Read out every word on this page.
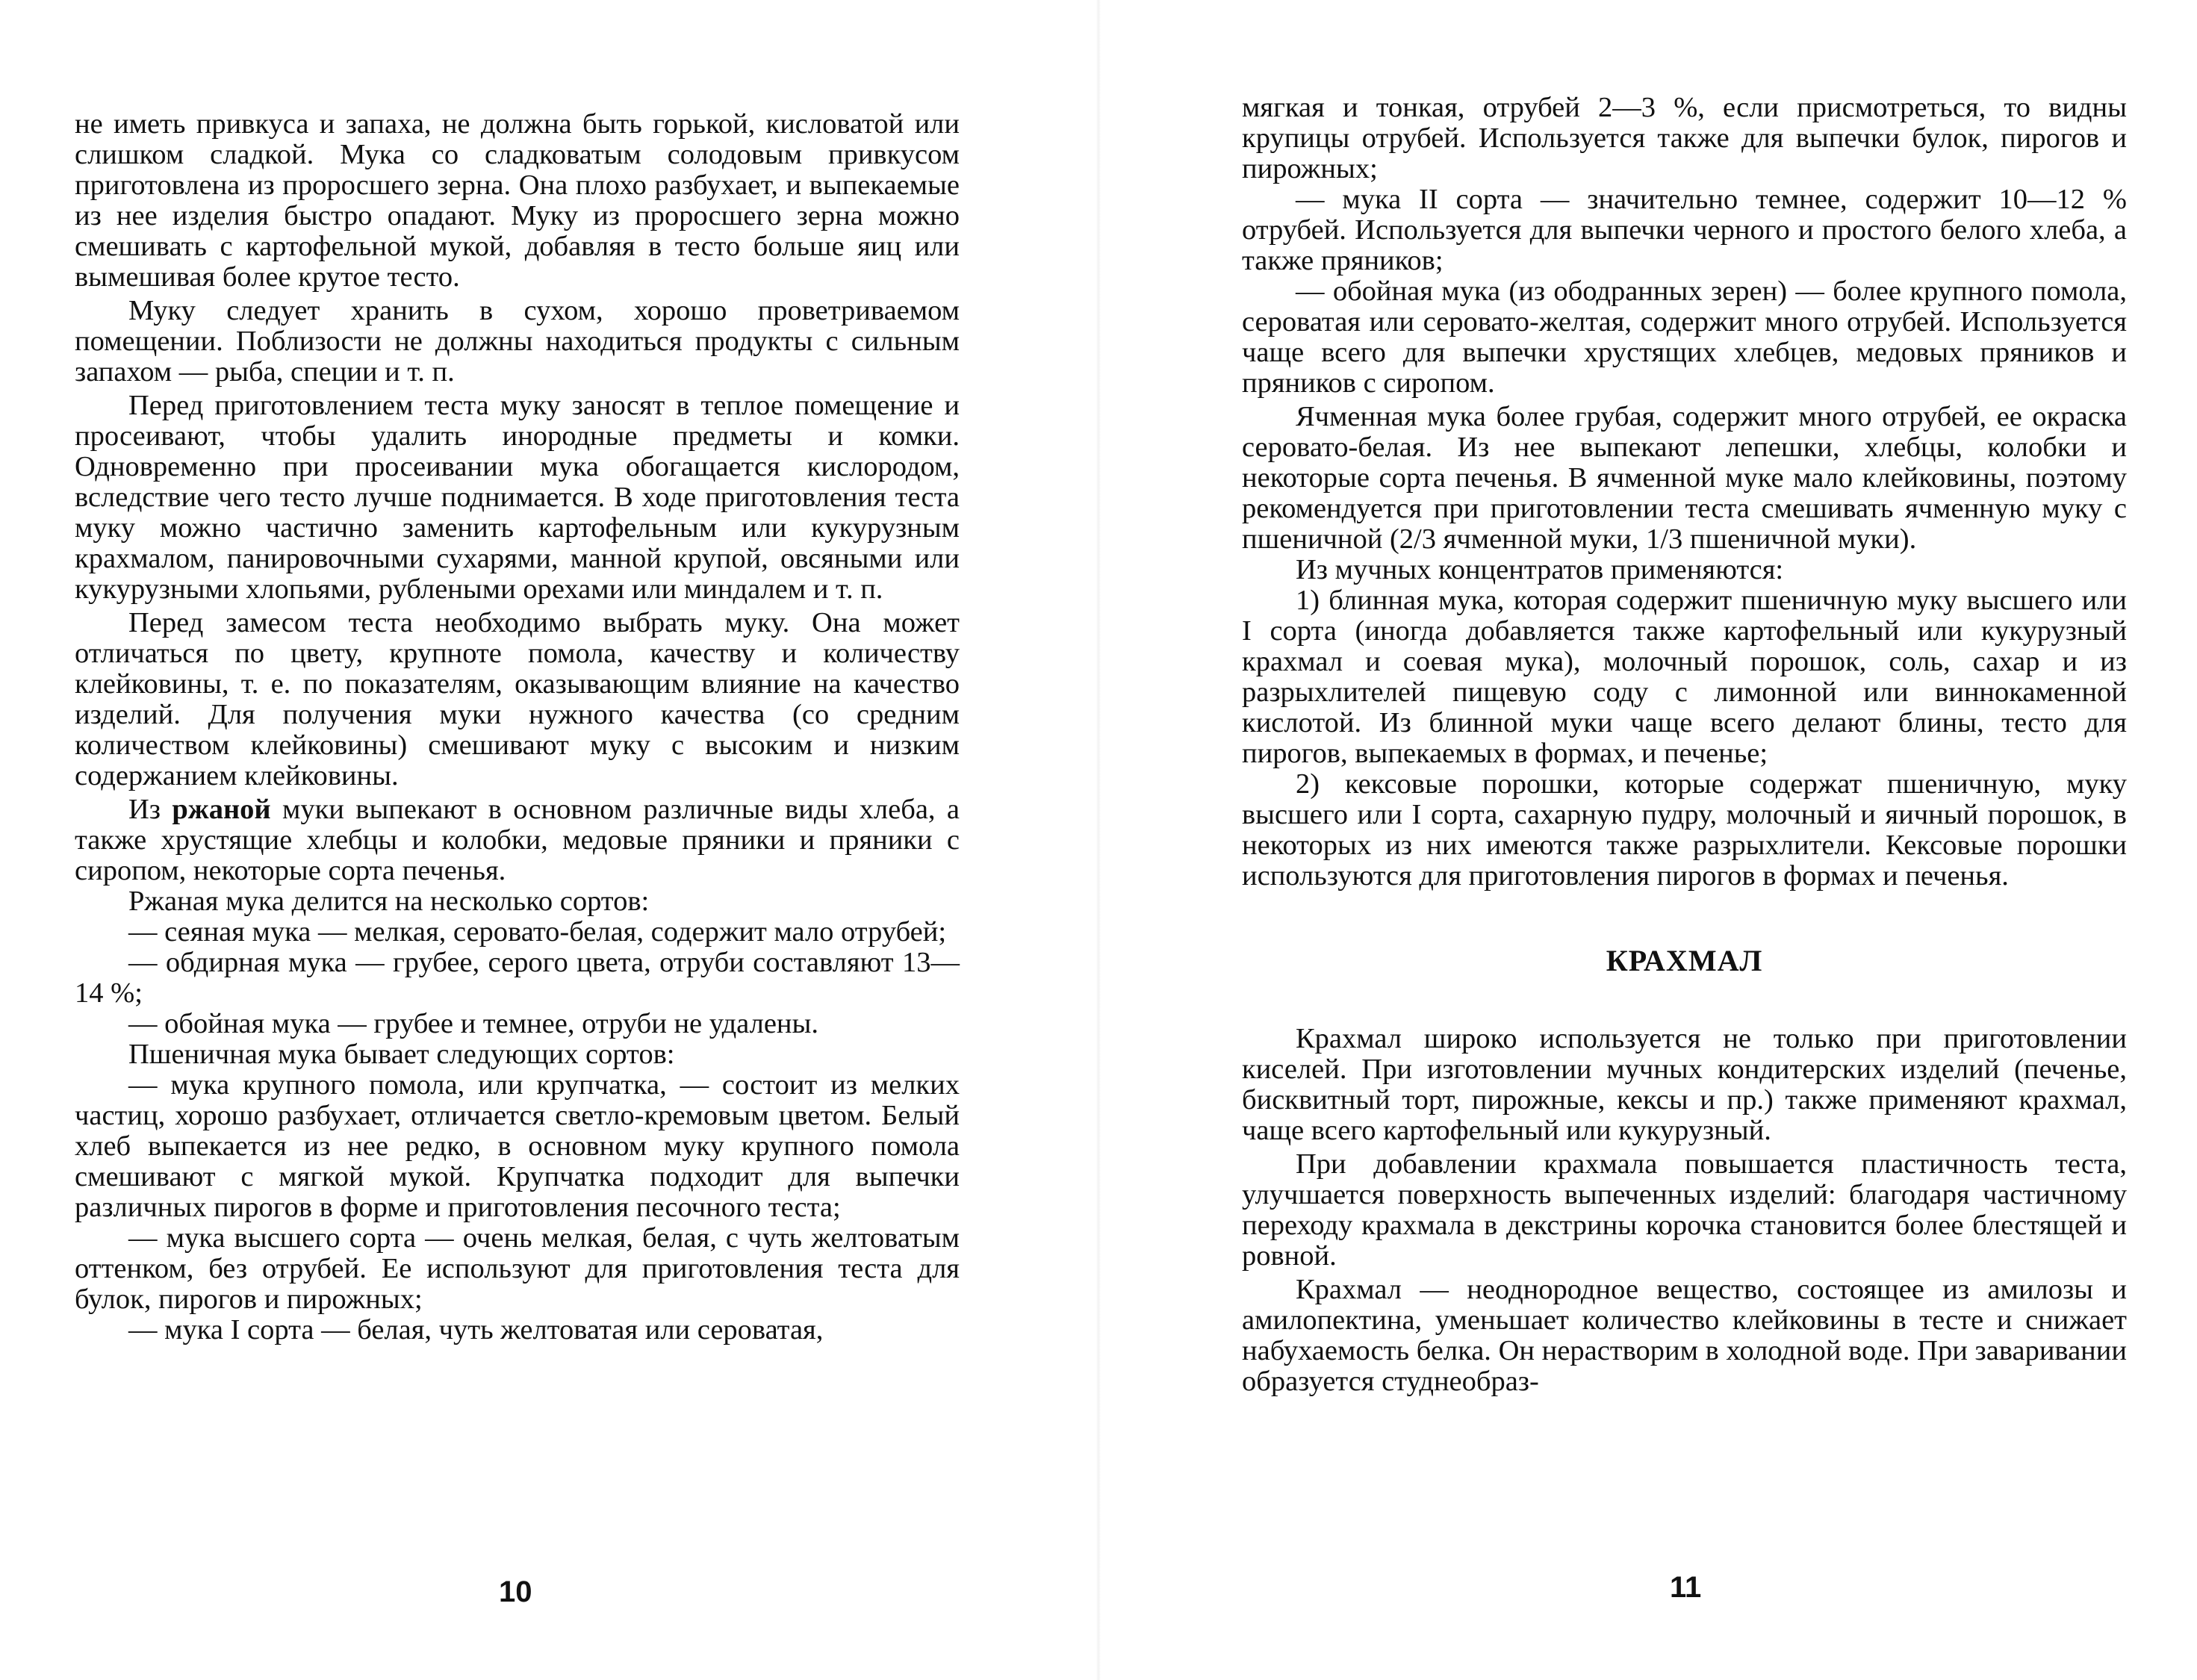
не иметь привкуса и запаха, не должна быть горькой, кисловатой или слишком сладкой. Мука со сладковатым солодовым привкусом приготовлена из проросшего зерна. Она плохо разбухает, и выпекаемые из нее изделия быстро опадают. Муку из проросшего зерна можно смешивать с картофельной мукой, добавляя в тесто больше яиц или вымешивая более крутое тесто.

Муку следует хранить в сухом, хорошо проветриваемом помещении. Поблизости не должны находиться продукты с сильным запахом — рыба, специи и т. п.

Перед приготовлением теста муку заносят в теплое помещение и просеивают, чтобы удалить инородные предметы и комки. Одновременно при просеивании мука обогащается кислородом, вследствие чего тесто лучше поднимается. В ходе приготовления теста муку можно частично заменить картофельным или кукурузным крахмалом, панировочными сухарями, манной крупой, овсяными или кукурузными хлопьями, рублеными орехами или миндалем и т. п.

Перед замесом теста необходимо выбрать муку. Она может отличаться по цвету, крупноте помола, качеству и количеству клейковины, т. е. по показателям, оказывающим влияние на качество изделий. Для получения муки нужного качества (со средним количеством клейковины) смешивают муку с высоким и низким содержанием клейковины.

Из ржаной муки выпекают в основном различные виды хлеба, а также хрустящие хлебцы и колобки, медовые пряники и пряники с сиропом, некоторые сорта печенья.

Ржаная мука делится на несколько сортов:

— сеяная мука — мелкая, серовато-белая, содержит мало отрубей;

— обдирная мука — грубее, серого цвета, отруби составляют 13—14 %;

— обойная мука — грубее и темнее, отруби не удалены.

Пшеничная мука бывает следующих сортов:

— мука крупного помола, или крупчатка, — состоит из мелких частиц, хорошо разбухает, отличается светло-кремовым цветом. Белый хлеб выпекается из нее редко, в основном муку крупного помола смешивают с мягкой мукой. Крупчатка подходит для выпечки различных пирогов в форме и приготовления песочного теста;

— мука высшего сорта — очень мелкая, белая, с чуть желтоватым оттенком, без отрубей. Ее используют для приготовления теста для булок, пирогов и пирожных;

— мука I сорта — белая, чуть желтоватая или сероватая,

10

мягкая и тонкая, отрубей 2—3 %, если присмотреться, то видны крупицы отрубей. Используется также для выпечки булок, пирогов и пирожных;

— мука II сорта — значительно темнее, содержит 10—12 % отрубей. Используется для выпечки черного и простого белого хлеба, а также пряников;

— обойная мука (из ободранных зерен) — более крупного помола, сероватая или серовато-желтая, содержит много отрубей. Используется чаще всего для выпечки хрустящих хлебцев, медовых пряников и пряников с сиропом.

Ячменная мука более грубая, содержит много отрубей, ее окраска серовато-белая. Из нее выпекают лепешки, хлебцы, колобки и некоторые сорта печенья. В ячменной муке мало клейковины, поэтому рекомендуется при приготовлении теста смешивать ячменную муку с пшеничной (2/3 ячменной муки, 1/3 пшеничной муки).

Из мучных концентратов применяются:

1) блинная мука, которая содержит пшеничную муку высшего или I сорта (иногда добавляется также картофельный или кукурузный крахмал и соевая мука), молочный порошок, соль, сахар и из разрыхлителей пищевую соду с лимонной или виннокаменной кислотой. Из блинной муки чаще всего делают блины, тесто для пирогов, выпекаемых в формах, и печенье;

2) кексовые порошки, которые содержат пшеничную, муку высшего или I сорта, сахарную пудру, молочный и яичный порошок, в некоторых из них имеются также разрыхлители. Кексовые порошки используются для приготовления пирогов в формах и печенья.

КРАХМАЛ

Крахмал широко используется не только при приготовлении киселей. При изготовлении мучных кондитерских изделий (печенье, бисквитный торт, пирожные, кексы и пр.) также применяют крахмал, чаще всего картофельный или кукурузный.

При добавлении крахмала повышается пластичность теста, улучшается поверхность выпеченных изделий: благодаря частичному переходу крахмала в декстрины корочка становится более блестящей и ровной.

Крахмал — неоднородное вещество, состоящее из амилозы и амилопектина, уменьшает количество клейковины в тесте и снижает набухаемость белка. Он нерастворим в холодной воде. При заваривании образуется студнеобраз-

11
